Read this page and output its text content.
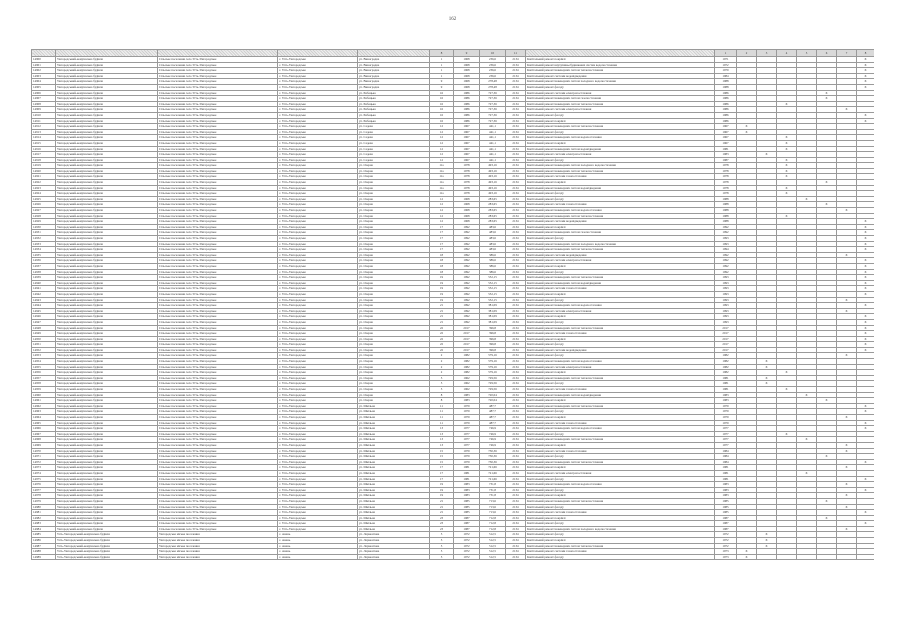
162
					8	9	10	11		1	2	3	4	5	6	7	8
14900	Ужгородський-комунальна будівля	Сільське поселення село Усть-Ужгородське	с. Усть-Ужгородське	ул. Виноградна	1	1968	236,6	2134	Капітальний ремонт покрівлі	1971							X
14901	Ужгородський-комунальна будівля	Сільське поселення село Усть-Ужгородське	с. Усть-Ужгородське	ул. Виноградна	1	1968	236,6	2134	Капітальний ремонт внутрішньобудинкових систем водопостачання	1972							X
14902	Ужгородський-комунальна будівля	Сільське поселення село Усть-Ужгородське	с. Усть-Ужгородське	ул. Виноградна	1	1968	236,6	2134	Капітальний ремонт інженерних систем теплопостачання	1979							X
14903	Ужгородський-комунальна будівля	Сільське поселення село Усть-Ужгородське	с. Усть-Ужгородське	ул. Виноградна	1	1968	236,6	2134	Капітальний ремонт системи водовідведення	1984							X
14904	Ужгородський-комунальна будівля	Сільське поселення село Усть-Ужгородське	с. Усть-Ужгородське	ул. Виноградна	9	1968	278,48	2134	Капітальний ремонт інженерних систем холодного водопостачання	1988							X
14905	Ужгородський-комунальна будівля	Сільське поселення село Усть-Ужгородське	с. Усть-Ужгородське	ул. Виноградна	9	1968	278,48	2134	Капітальний ремонт фасаду	1988							X
14906	Ужгородський-комунальна будівля	Сільське поселення село Усть-Ужгородське	с. Усть-Ужгородське	ул. Рибацька	16	1986	727,36	2134	Капітальний ремонт системи електропостачання	1986					X		
14907	Ужгородський-комунальна будівля	Сільське поселення село Усть-Ужгородське	с. Усть-Ужгородське	ул. Рибацька	16	1986	727,36	2134	Капітальний ремонт інженерних систем газопостачання	1986					X		
14908	Ужгородський-комунальна будівля	Сільське поселення село Усть-Ужгородське	с. Усть-Ужгородське	ул. Рибацька	16	1986	727,36	2134	Капітальний ремонт інженерних систем теплопостачання	1986			X				
14909	Ужгородський-комунальна будівля	Сільське поселення село Усть-Ужгородське	с. Усть-Ужгородське	ул. Рибацька	16	1986	727,36	2134	Капітальний ремонт системи електропостачання	1986						X	
14910	Ужгородський-комунальна будівля	Сільське поселення село Усть-Ужгородське	с. Усть-Ужгородське	ул. Рибацька	16	1986	727,36	2134	Капітальний ремонт фасаду	1986							X
14911	Ужгородський-комунальна будівля	Сільське поселення село Усть-Ужгородське	с. Усть-Ужгородське	ул. Рибацька	16	1986	727,36	2134	Капітальний ремонт покрівлі	1986							X
14912	Ужгородський-комунальна будівля	Сільське поселення село Усть-Ужгородське	с. Усть-Ужгородське	ул. Садова	12	1967	441,1	2134	Капітальний ремонт інженерних систем теплопостачання	1967	X						
14913	Ужгородський-комунальна будівля	Сільське поселення село Усть-Ужгородське	с. Усть-Ужгородське	ул. Садова	12	1967	441,1	2134	Капітальний ремонт фасаду	1967	X						
14914	Ужгородський-комунальна будівля	Сільське поселення село Усть-Ужгородське	с. Усть-Ужгородське	ул. Садова	12	1967	441,1	2134	Капітальний ремонт інженерних систем водопостачання	1967			X				
14915	Ужгородський-комунальна будівля	Сільське поселення село Усть-Ужгородське	с. Усть-Ужгородське	ул. Садова	12	1967	441,1	2134	Капітальний ремонт покрівлі	1967			X				
14916	Ужгородський-комунальна будівля	Сільське поселення село Усть-Ужгородське	с. Усть-Ужгородське	ул. Садова	12	1967	441,1	2134	Капітальний ремонт інженерних систем водовідведення	1981			X				
14917	Ужгородський-комунальна будівля	Сільське поселення село Усть-Ужгородське	с. Усть-Ужгородське	ул. Садова	12	1967	441,1	2134	Капітальний ремонт системи електропостачання	1983		X					
14918	Ужгородський-комунальна будівля	Сільське поселення село Усть-Ужгородське	с. Усть-Ужгородське	ул. Садова	12	1967	441,1	2134	Капітальний ремонт фасаду	1987			X				
14919	Ужгородський-комунальна будівля	Сільське поселення село Усть-Ужгородське	с. Усть-Ужгородське	ул. Озерна	11а	1978	493,16	2134	Капітальний ремонт інженерних систем холодного водопостачання	1978			X				
14920	Ужгородський-комунальна будівля	Сільське поселення село Усть-Ужгородське	с. Усть-Ужгородське	ул. Озерна	11а	1978	493,16	2134	Капітальний ремонт інженерних систем теплопостачання	1978			X				
14921	Ужгородський-комунальна будівля	Сільське поселення село Усть-Ужгородське	с. Усть-Ужгородське	ул. Озерна	11а	1978	493,16	2134	Капітальний ремонт системи газопостачання	1978			X				
14922	Ужгородський-комунальна будівля	Сільське поселення село Усть-Ужгородське	с. Усть-Ужгородське	ул. Озерна	11а	1978	493,16	2134	Капітальний ремонт покрівлі	1978					X		
14923	Ужгородський-комунальна будівля	Сільське поселення село Усть-Ужгородське	с. Усть-Ужгородське	ул. Озерна	11а	1978	493,16	2134	Капітальний ремонт інженерних систем водовідведення	1978			X				
14924	Ужгородський-комунальна будівля	Сільське поселення село Усть-Ужгородське	с. Усть-Ужгородське	ул. Озерна	11а	1978	493,16	2134	Капітальний ремонт фасаду	1978			X				
14925	Ужгородський-комунальна будівля	Сільське поселення село Усть-Ужгородське	с. Усть-Ужгородське	ул. Озерна	12	1968	283,65	2134	Капітальний ремонт фасаду	1988				X			
14926	Ужгородський-комунальна будівля	Сільське поселення село Усть-Ужгородське	с. Усть-Ужгородське	ул. Озерна	12	1968	283,65	2134	Капітальний ремонт системи газопостачання	1988					X		
14927	Ужгородський-комунальна будівля	Сільське поселення село Усть-Ужгородське	с. Усть-Ужгородське	ул. Озерна	12	1968	283,65	2134	Капітальний ремонт інженерних систем водопостачання	1988						X	
14928	Ужгородський-комунальна будівля	Сільське поселення село Усть-Ужгородське	с. Усть-Ужгородське	ул. Озерна	12	1968	283,65	2134	Капітальний ремонт інженерних систем теплопостачання	1988			X				
14929	Ужгородський-комунальна будівля	Сільське поселення село Усть-Ужгородське	с. Усть-Ужгородське	ул. Озерна	12	1968	283,65	2134	Капітальний ремонт системи водовідведення	1988							X
14930	Ужгородський-комунальна будівля	Сільське поселення село Усть-Ужгородське	с. Усть-Ужгородське	ул. Озерна	17	1992	483,6	2134	Капітальний ремонт покрівлі	1992							X
14931	Ужгородський-комунальна будівля	Сільське поселення село Усть-Ужгородське	с. Усть-Ужгородське	ул. Озерна	17	1992	483,6	2134	Капітальний ремонт інженерних систем газопостачання	1992							X
14932	Ужгородський-комунальна будівля	Сільське поселення село Усть-Ужгородське	с. Усть-Ужгородське	ул. Озерна	17	1992	483,6	2134	Капітальний ремонт фасаду	1993							X
14933	Ужгородський-комунальна будівля	Сільське поселення село Усть-Ужгородське	с. Усть-Ужгородське	ул. Озерна	17	1992	483,6	2134	Капітальний ремонт інженерних систем холодного водопостачання	1993							X
14934	Ужгородський-комунальна будівля	Сільське поселення село Усть-Ужгородське	с. Усть-Ужгородське	ул. Озерна	17	1992	483,6	2134	Капітальний ремонт інженерних систем теплопостачання	1994							X
14935	Ужгородський-комунальна будівля	Сільське поселення село Усть-Ужгородське	с. Усть-Ужгородське	ул. Озерна	18	1992	386,6	2134	Капітальний ремонт системи водовідведення	1992						X	
14936	Ужгородський-комунальна будівля	Сільське поселення село Усть-Ужгородське	с. Усть-Ужгородське	ул. Озерна	18	1992	386,6	2134	Капітальний ремонт системи електропостачання	1992							X
14937	Ужгородський-комунальна будівля	Сільське поселення село Усть-Ужгородське	с. Усть-Ужгородське	ул. Озерна	18	1992	386,6	2134	Капітальний ремонт покрівлі	1992							X
14938	Ужгородський-комунальна будівля	Сільське поселення село Усть-Ужгородське	с. Усть-Ужгородське	ул. Озерна	18	1992	386,6	2134	Капітальний ремонт фасаду	1992							X
14939	Ужгородський-комунальна будівля	Сільське поселення село Усть-Ужгородське	с. Усть-Ужгородське	ул. Озерна	19	1992	552,15	2134	Капітальний ремонт інженерних систем теплопостачання	1993							X
14940	Ужгородський-комунальна будівля	Сільське поселення село Усть-Ужгородське	с. Усть-Ужгородське	ул. Озерна	19	1992	552,15	2134	Капітальний ремонт інженерних систем водовідведення	1993							X
14941	Ужгородський-комунальна будівля	Сільське поселення село Усть-Ужгородське	с. Усть-Ужгородське	ул. Озерна	19	1992	552,15	2134	Капітальний ремонт системи газопостачання	1993							X
14942	Ужгородський-комунальна будівля	Сільське поселення село Усть-Ужгородське	с. Усть-Ужгородське	ул. Озерна	19	1992	552,15	2134	Капітальний ремонт покрівлі	1993							X
14943	Ужгородський-комунальна будівля	Сільське поселення село Усть-Ужгородське	с. Усть-Ужгородське	ул. Озерна	19	1992	552,15	2134	Капітальний ремонт фасаду	1993						X	
14944	Ужгородський-комунальна будівля	Сільське поселення село Усть-Ужгородське	с. Усть-Ужгородське	ул. Озерна	21	1992	381,09	2134	Капітальний ремонт інженерних систем водопостачання	1993							X
14945	Ужгородський-комунальна будівля	Сільське поселення село Усть-Ужгородське	с. Усть-Ужгородське	ул. Озерна	21	1992	381,09	2134	Капітальний ремонт системи електропостачання	1993						X	
14946	Ужгородський-комунальна будівля	Сільське поселення село Усть-Ужгородське	с. Усть-Ужгородське	ул. Озерна	21	1992	381,09	2134	Капітальний ремонт покрівлі	1993							X
14947	Ужгородський-комунальна будівля	Сільське поселення село Усть-Ужгородське	с. Усть-Ужгородське	ул. Озерна	21	1992	381,09	2134	Капітальний ремонт фасаду	1993							X
14948	Ужгородський-комунальна будівля	Сільське поселення село Усть-Ужгородське	с. Усть-Ужгородське	ул. Озерна	22	2017	396,8	2134	Капітальний ремонт інженерних систем теплопостачання	2017							X
14949	Ужгородський-комунальна будівля	Сільське поселення село Усть-Ужгородське	с. Усть-Ужгородське	ул. Озерна	22	2017	396,8	2134	Капітальний ремонт системи газопостачання	2017							X
14950	Ужгородський-комунальна будівля	Сільське поселення село Усть-Ужгородське	с. Усть-Ужгородське	ул. Озерна	22	2017	396,8	2134	Капітальний ремонт покрівлі	2017							X
14951	Ужгородський-комунальна будівля	Сільське поселення село Усть-Ужгородське	с. Усть-Ужгородське	ул. Озерна	22	2017	396,8	2134	Капітальний ремонт фасаду	2017							X
14952	Ужгородський-комунальна будівля	Сільське поселення село Усть-Ужгородське	с. Усть-Ужгородське	ул. Озерна	22	2017	396,8	2134	Капітальний ремонт системи водовідведення	2017							X
14953	Ужгородський-комунальна будівля	Сільське поселення село Усть-Ужгородське	с. Усть-Ужгородське	ул. Озерна	2	1982	579,16	2134	Капітальний ремонт фасаду	1982						X	
14954	Ужгородський-комунальна будівля	Сільське поселення село Усть-Ужгородське	с. Усть-Ужгородське	ул. Озерна	2	1982	579,16	2134	Капітальний ремонт інженерних систем водопостачання	1982		X					
14955	Ужгородський-комунальна будівля	Сільське поселення село Усть-Ужгородське	с. Усть-Ужгородське	ул. Озерна	2	1982	579,16	2134	Капітальний ремонт системи електропостачання	1982		X					
14956	Ужгородський-комунальна будівля	Сільське поселення село Усть-Ужгородське	с. Усть-Ужгородське	ул. Озерна	2	1982	579,16	2134	Капітальний ремонт покрівлі	1982			X				
14957	Ужгородський-комунальна будівля	Сільське поселення село Усть-Ужгородське	с. Усть-Ужгородське	ул. Озерна	5	1962	729,56	2134	Капітальний ремонт інженерних систем теплопостачання	1981		X					
14958	Ужгородський-комунальна будівля	Сільське поселення село Усть-Ужгородське	с. Усть-Ужгородське	ул. Озерна	5	1962	729,56	2134	Капітальний ремонт фасаду	1981		X					
14959	Ужгородський-комунальна будівля	Сільське поселення село Усть-Ужгородське	с. Усть-Ужгородське	ул. Озерна	5	1962	729,56	2134	Капітальний ремонт системи газопостачання	1981			X				
14960	Ужгородський-комунальна будівля	Сільське поселення село Усть-Ужгородське	с. Усть-Ужгородське	ул. Озерна	8	1983	720,04	2134	Капітальний ремонт інженерних систем водовідведення	1983				X			
14961	Ужгородський-комунальна будівля	Сільське поселення село Усть-Ужгородське	с. Усть-Ужгородське	ул. Озерна	8	1983	720,04	2134	Капітальний ремонт покрівлі	1983					X		
14962	Ужгородський-комунальна будівля	Сільське поселення село Усть-Ужгородське	с. Усть-Ужгородське	ул. Шкільна	11	1979	487,7	2134	Капітальний ремонт інженерних систем теплопостачання	1979							X
14963	Ужгородський-комунальна будівля	Сільське поселення село Усть-Ужгородське	с. Усть-Ужгородське	ул. Шкільна	11	1979	487,7	2134	Капітальний ремонт фасаду	1979							X
14964	Ужгородський-комунальна будівля	Сільське поселення село Усть-Ужгородське	с. Усть-Ужгородське	ул. Шкільна	11	1979	487,7	2134	Капітальний ремонт покрівлі	1979						X	
14965	Ужгородський-комунальна будівля	Сільське поселення село Усть-Ужгородське	с. Усть-Ужгородське	ул. Шкільна	11	1979	487,7	2134	Капітальний ремонт системи газопостачання	1979							X
14966	Ужгородський-комунальна будівля	Сільське поселення село Усть-Ужгородське	с. Усть-Ужгородське	ул. Шкільна	13	1977	746,9	2134	Капітальний ремонт інженерних систем водопостачання	1977							X
14967	Ужгородський-комунальна будівля	Сільське поселення село Усть-Ужгородське	с. Усть-Ужгородське	ул. Шкільна	13	1977	746,9	2134	Капітальний ремонт фасаду	1977			X				
14968	Ужгородський-комунальна будівля	Сільське поселення село Усть-Ужгородське	с. Усть-Ужгородське	ул. Шкільна	13	1977	746,9	2134	Капітальний ремонт інженерних систем теплопостачання	1977				X			
14969	Ужгородський-комунальна будівля	Сільське поселення село Усть-Ужгородське	с. Усть-Ужгородське	ул. Шкільна	13	1977	746,9	2134	Капітальний ремонт покрівлі	1977						X	
14970	Ужгородський-комунальна будівля	Сільське поселення село Усть-Ужгородське	с. Усть-Ужгородське	ул. Шкільна	15	1979	730,36	2134	Капітальний ремонт системи газопостачання	1984						X	
14971	Ужгородський-комунальна будівля	Сільське поселення село Усть-Ужгородське	с. Усть-Ужгородське	ул. Шкільна	15	1979	730,36	2134	Капітальний ремонт фасаду	1984					X		
14972	Ужгородський-комунальна будівля	Сільське поселення село Усть-Ужгородське	с. Усть-Ужгородське	ул. Шкільна	15	1979	730,36	2134	Капітальний ремонт інженерних систем теплопостачання	1984							X
14973	Ужгородський-комунальна будівля	Сільське поселення село Усть-Ужгородське	с. Усть-Ужгородське	ул. Шкільна	17	1981	721,66	2134	Капітальний ремонт покрівлі	1981						X	
14974	Ужгородський-комунальна будівля	Сільське поселення село Усть-Ужгородське	с. Усть-Ужгородське	ул. Шкільна	17	1981	721,66	2134	Капітальний ремонт системи електропостачання	1981				X			
14975	Ужгородський-комунальна будівля	Сільське поселення село Усть-Ужгородське	с. Усть-Ужгородське	ул. Шкільна	17	1981	721,66	2134	Капітальний ремонт фасаду	1981							X
14976	Ужгородський-комунальна будівля	Сільське поселення село Усть-Ужгородське	с. Усть-Ужгородське	ул. Шкільна	19	1983	731,8	2134	Капітальний ремонт інженерних систем водопостачання	1983						X	
14977	Ужгородський-комунальна будівля	Сільське поселення село Усть-Ужгородське	с. Усть-Ужгородське	ул. Шкільна	19	1983	731,8	2134	Капітальний ремонт фасаду	1983							X
14978	Ужгородський-комунальна будівля	Сільське поселення село Усть-Ужгородське	с. Усть-Ужгородське	ул. Шкільна	19	1983	731,8	2134	Капітальний ремонт покрівлі	1983						X	
14979	Ужгородський-комунальна будівля	Сільське поселення село Усть-Ужгородське	с. Усть-Ужгородське	ул. Шкільна	21	1985	713,6	2134	Капітальний ремонт інженерних систем теплопостачання	1985					X		
14980	Ужгородський-комунальна будівля	Сільське поселення село Усть-Ужгородське	с. Усть-Ужгородське	ул. Шкільна	21	1985	713,6	2134	Капітальний ремонт фасаду	1985						X	
14981	Ужгородський-комунальна будівля	Сільське поселення село Усть-Ужгородське	с. Усть-Ужгородське	ул. Шкільна	21	1985	713,6	2134	Капітальний ремонт системи газопостачання	1985							X
14982	Ужгородський-комунальна будівля	Сільське поселення село Усть-Ужгородське	с. Усть-Ужгородське	ул. Шкільна	23	1987	712,8	2134	Капітальний ремонт покрівлі	1987					X		
14983	Ужгородський-комунальна будівля	Сільське поселення село Усть-Ужгородське	с. Усть-Ужгородське	ул. Шкільна	23	1987	712,8	2134	Капітальний ремонт фасаду	1987							X
14984	Ужгородський-комунальна будівля	Сільське поселення село Усть-Ужгородське	с. Усть-Ужгородське	ул. Шкільна	23	1987	712,8	2134	Капітальний ремонт інженерних систем холодного водопостачання	1987						X	
14985	Усть-Ужгородський-комунальна будівля	Ужгородське міське поселення	с. Анань	ул. Лермонтова	5	1972	512,5	2134	Капітальний ремонт фасаду	1972		X					
14986	Усть-Ужгородський-комунальна будівля	Ужгородське міське поселення	с. Анань	ул. Лермонтова	5	1972	512,5	2134	Капітальний ремонт покрівлі	1972		X					
14987	Усть-Ужгородський-комунальна будівля	Ужгородське міське поселення	с. Анань	ул. Лермонтова	5	1972	512,5	2134	Капітальний ремонт інженерних систем теплопостачання	1972		X					
14988	Усть-Ужгородський-комунальна будівля	Ужгородське міське поселення	с. Анань	ул. Лермонтова	5	1972	512,5	2134	Капітальний ремонт системи газопостачання	1973	X						
14989	Усть-Ужгородський-комунальна будівля	Ужгородське міське поселення	с. Анань	ул. Лермонтова	5	1972	512,5	2134	Капітальний ремонт фасаду	1973	X						
